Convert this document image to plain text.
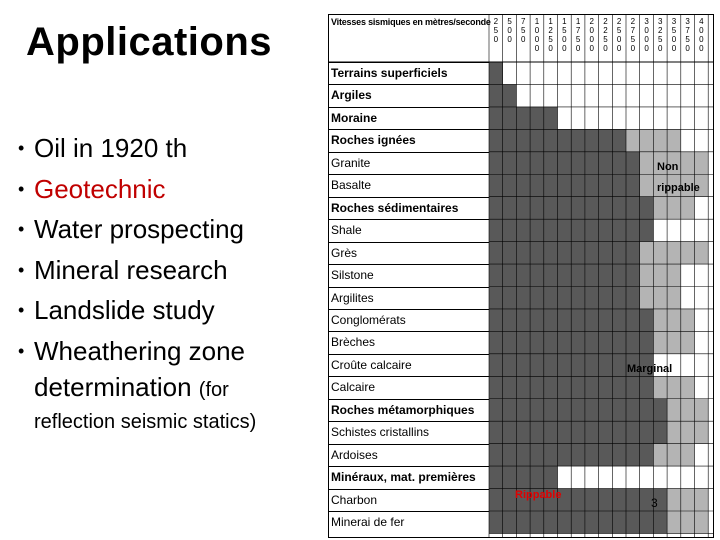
Applications
• Oil in 1920 th
• Geotechnic
• Water prospecting
• Mineral research
• Landslide study
• Wheathering zone
determination (for
reflection seismic statics)
Vitesses sismiques en mètres/seconde
Terrains superficiels
Argiles
Moraine
Roches ignées
Granite
Basalte
Roches sédimentaires
Shale
Grès
Silstone
Argilites
Conglomérats
Brèches
Croûte calcaire
Calcaire
Roches métamorphiques
Schistes cristallins
Ardoises
Minéraux, mat. premières
Charbon
Minerai de fer
2 5 0
5 0 0
7 5 0
1 0 0 0
1 2 5 0
1 5 0 0
1 7 5 0
2 0 0 0
2 2 5 0
2 5 0 0
2 7 5 0
3 0 0 0
3 2 5 0
3 5 0 0
3 7 5 0
4 0 0 0
Non
rippable
Marginal
Rippable
3
